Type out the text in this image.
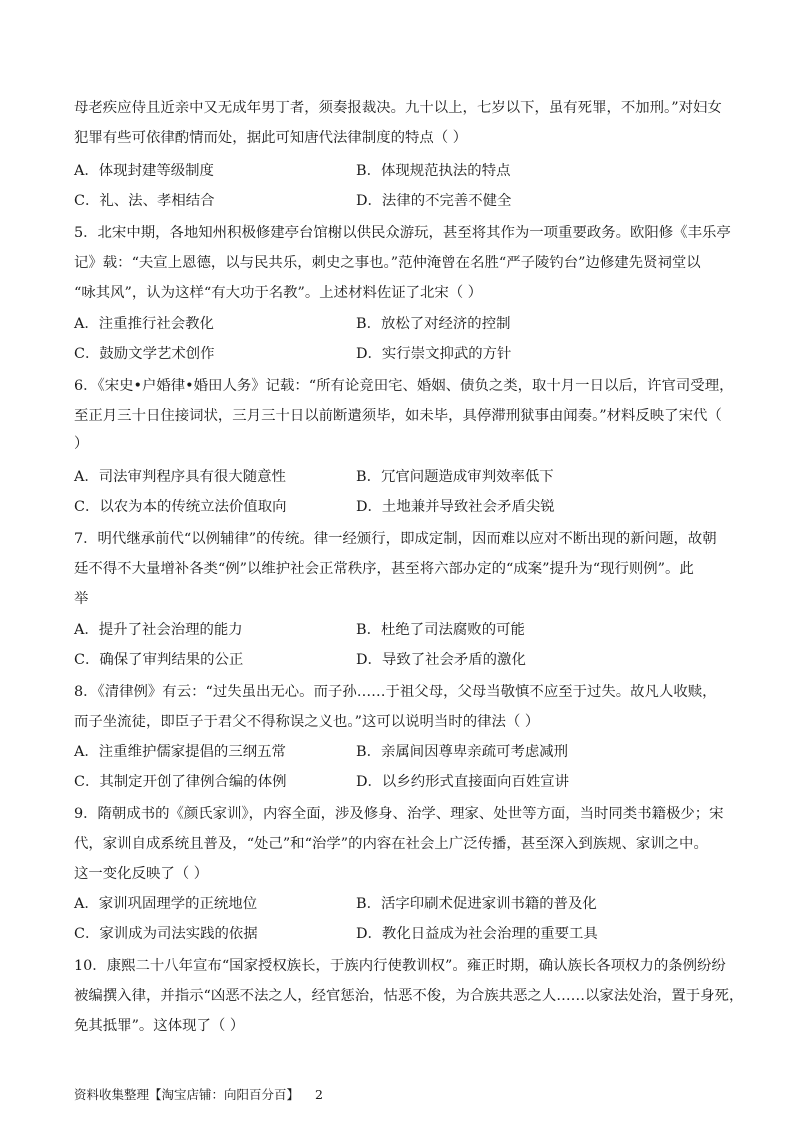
母老疾应侍且近亲中又无成年男丁者，须奏报裁决。九十以上，七岁以下，虽有死罪，不加刑。”对妇女
犯罪有些可依律酌情而处，据此可知唐代法律制度的特点（ ）
A．体现封建等级制度	B．体现规范执法的特点
C．礼、法、孝相结合	D．法律的不完善不健全
5．北宋中期，各地知州积极修建亭台馆榭以供民众游玩，甚至将其作为一项重要政务。欧阳修《丰乐亭
记》载：“夫宣上恩德，以与民共乐，刺史之事也。”范仲淹曾在名胜“严子陵钓台”边修建先贤祠堂以
“咏其风”，认为这样“有大功于名教”。上述材料佐证了北宋（ ）
A．注重推行社会教化	B．放松了对经济的控制
C．鼓励文学艺术创作	D．实行崇文抑武的方针
6．《宋史•户婚律•婚田人务》记载：“所有论竞田宅、婚姻、债负之类，取十月一日以后，许官司受理，
至正月三十日住接词状，三月三十日以前断遣须毕，如未毕，具停滞刑狱事由闻奏。”材料反映了宋代（
）
A．司法审判程序具有很大随意性	B．冗官问题造成审判效率低下
C．以农为本的传统立法价值取向	D．土地兼并导致社会矛盾尖锐
7．明代继承前代“以例辅律”的传统。律一经颁行，即成定制，因而难以应对不断出现的新问题，故朝
廷不得不大量增补各类“例”以维护社会正常秩序，甚至将六部办定的“成案”提升为“现行则例”。此
举
A．提升了社会治理的能力	B．杜绝了司法腐败的可能
C．确保了审判结果的公正	D．导致了社会矛盾的激化
8．《清律例》有云：“过失虽出无心。而子孙……于祖父母，父母当敬慎不应至于过失。故凡人收赎，
而子坐流徒，即臣子于君父不得称误之义也。”这可以说明当时的律法（ ）
A．注重维护儒家提倡的三纲五常	B．亲属间因尊卑亲疏可考虑减刑
C．其制定开创了律例合编的体例	D．以乡约形式直接面向百姓宣讲
9．隋朝成书的《颜氏家训》，内容全面，涉及修身、治学、理家、处世等方面，当时同类书籍极少；宋
代，家训自成系统且普及，“处己”和“治学”的内容在社会上广泛传播，甚至深入到族规、家训之中。
这一变化反映了（ ）
A．家训巩固理学的正统地位	B．活字印刷术促进家训书籍的普及化
C．家训成为司法实践的依据	D．教化日益成为社会治理的重要工具
10．康熙二十八年宣布“国家授权族长，于族内行使教训权”。雍正时期，确认族长各项权力的条例纷纷
被编撰入律，并指示“凶恶不法之人，经官惩治，怙恶不俊，为合族共恶之人……以家法处治，置于身死，
免其抵罪”。这体现了（ ）
资料收集整理【淘宝店铺：向阳百分百】 2
